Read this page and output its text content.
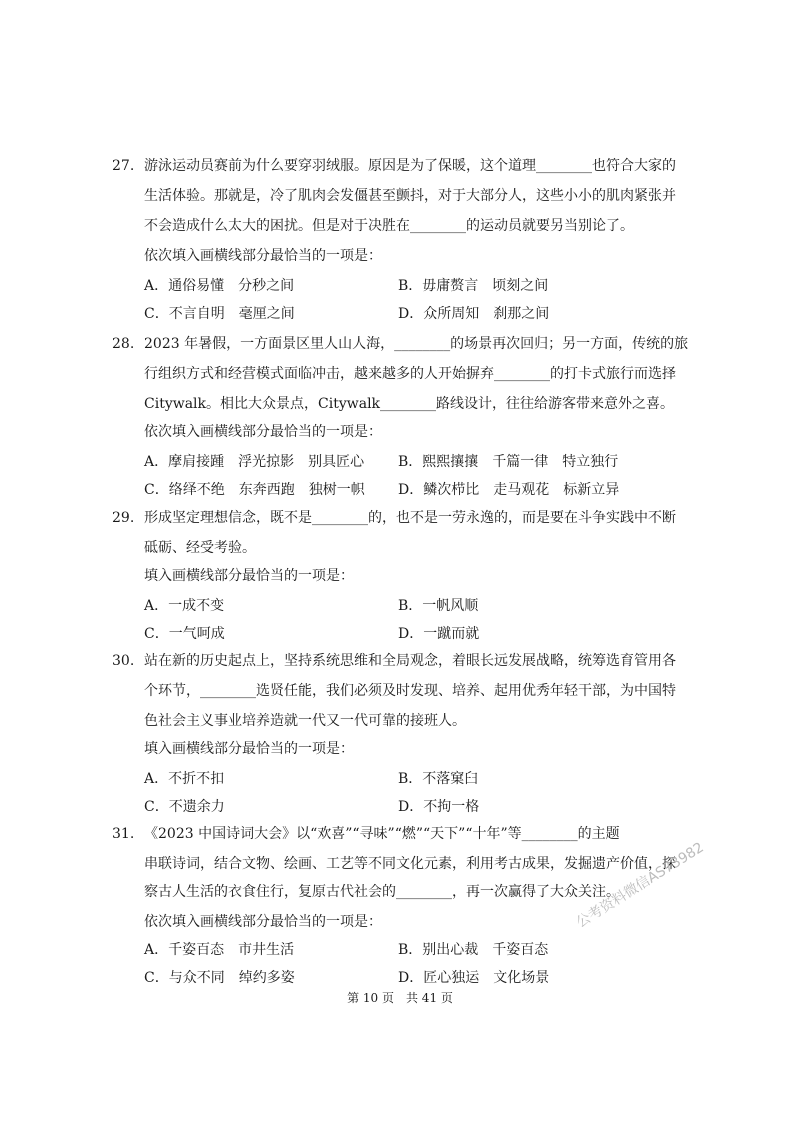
27. 游泳运动员赛前为什么要穿羽绒服。原因是为了保暖，这个道理________也符合大家的
生活体验。那就是，冷了肌肉会发僵甚至颤抖，对于大部分人，这些小小的肌肉紧张并
不会造成什么太大的困扰。但是对于决胜在________的运动员就要另当别论了。
依次填入画横线部分最恰当的一项是：
A．通俗易懂　分秒之间	B．毋庸赘言　顷刻之间
C．不言自明　毫厘之间	D．众所周知　刹那之间
28. 2023 年暑假，一方面景区里人山人海，________的场景再次回归；另一方面，传统的旅
行组织方式和经营模式面临冲击，越来越多的人开始摒弃________的打卡式旅行而选择
Citywalk。相比大众景点，Citywalk________路线设计，往往给游客带来意外之喜。
依次填入画横线部分最恰当的一项是：
A．摩肩接踵　浮光掠影　别具匠心 B．熙熙攘攘　千篇一律　特立独行
C．络绎不绝　东奔西跑　独树一帜 D．鳞次栉比　走马观花　标新立异
29. 形成坚定理想信念，既不是________的，也不是一劳永逸的，而是要在斗争实践中不断
砥砺、经受考验。
填入画横线部分最恰当的一项是：
A．一成不变	B．一帆风顺
C．一气呵成	D．一蹴而就
30. 站在新的历史起点上，坚持系统思维和全局观念，着眼长远发展战略，统筹选育管用各
个环节，________选贤任能，我们必须及时发现、培养、起用优秀年轻干部，为中国特
色社会主义事业培养造就一代又一代可靠的接班人。
填入画横线部分最恰当的一项是：
A．不折不扣	B．不落窠臼
C．不遗余力	D．不拘一格
31. 《2023 中国诗词大会》以“欢喜”“寻味”“燃”“天下”“十年”等________的主题
串联诗词，结合文物、绘画、工艺等不同文化元素，利用考古成果，发掘遗产价值，探
察古人生活的衣食住行，复原古代社会的________，再一次赢得了大众关注。
依次填入画横线部分最恰当的一项是：
A．千姿百态　市井生活	B．别出心裁　千姿百态
C．与众不同　绰约多姿	D．匠心独运　文化场景
公考资料微信AS73982
第 10 页　共 41 页
